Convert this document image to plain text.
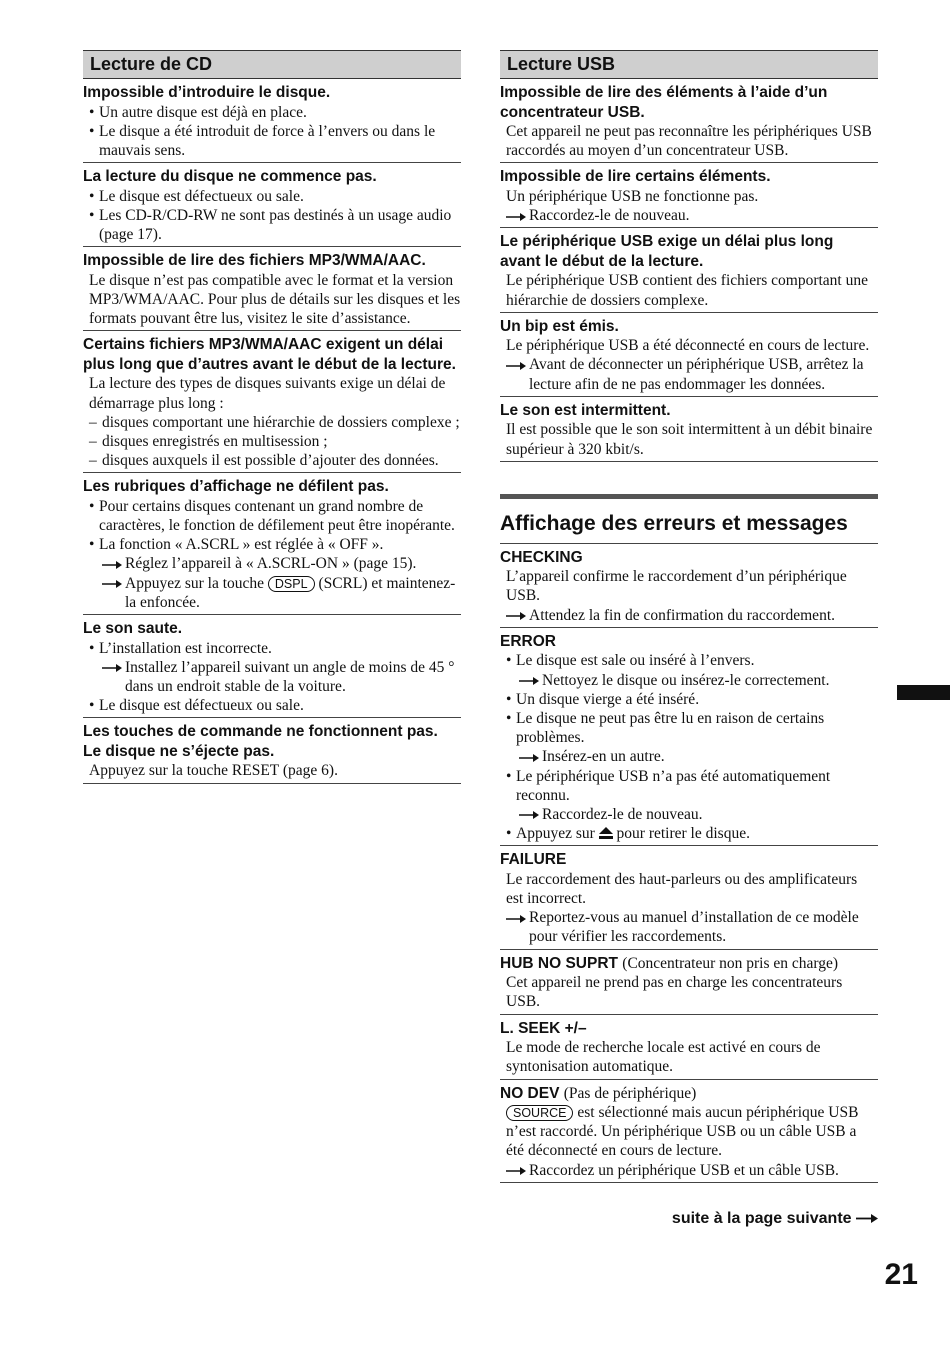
Lecture de CD
Impossible d’introduire le disque.
• Un autre disque est déjà en place.
• Le disque a été introduit de force à l’envers ou dans le mauvais sens.
La lecture du disque ne commence pas.
• Le disque est défectueux ou sale.
• Les CD-R/CD-RW ne sont pas destinés à un usage audio (page 17).
Impossible de lire des fichiers MP3/WMA/AAC.
Le disque n’est pas compatible avec le format et la version MP3/WMA/AAC. Pour plus de détails sur les disques et les formats pouvant être lus, visitez le site d’assistance.
Certains fichiers MP3/WMA/AAC exigent un délai plus long que d’autres avant le début de la lecture.
La lecture des types de disques suivants exige un délai de démarrage plus long :
– disques comportant une hiérarchie de dossiers complexe ;
– disques enregistrés en multisession ;
– disques auxquels il est possible d’ajouter des données.
Les rubriques d’affichage ne défilent pas.
• Pour certains disques contenant un grand nombre de caractères, le fonction de défilement peut être inopérante.
• La fonction « A.SCRL » est réglée à « OFF ».
Réglez l’appareil à « A.SCRL-ON » (page 15).
Appuyez sur la touche DSPL (SCRL) et maintenez-la enfoncée.
Le son saute.
• L’installation est incorrecte.
Installez l’appareil suivant un angle de moins de 45 ° dans un endroit stable de la voiture.
• Le disque est défectueux ou sale.
Les touches de commande ne fonctionnent pas.
Le disque ne s’éjecte pas.
Appuyez sur la touche RESET (page 6).
Lecture USB
Impossible de lire des éléments à l’aide d’un concentrateur USB.
Cet appareil ne peut pas reconnaître les périphériques USB raccordés au moyen d’un concentrateur USB.
Impossible de lire certains éléments.
Un périphérique USB ne fonctionne pas.
Raccordez-le de nouveau.
Le périphérique USB exige un délai plus long avant le début de la lecture.
Le périphérique USB contient des fichiers comportant une hiérarchie de dossiers complexe.
Un bip est émis.
Le périphérique USB a été déconnecté en cours de lecture.
Avant de déconnecter un périphérique USB, arrêtez la lecture afin de ne pas endommager les données.
Le son est intermittent.
Il est possible que le son soit intermittent à un débit binaire supérieur à 320 kbit/s.
Affichage des erreurs et messages
CHECKING
L’appareil confirme le raccordement d’un périphérique USB.
Attendez la fin de confirmation du raccordement.
ERROR
• Le disque est sale ou inséré à l’envers.
Nettoyez le disque ou insérez-le correctement.
• Un disque vierge a été inséré.
• Le disque ne peut pas être lu en raison de certains problèmes.
Insérez-en un autre.
• Le périphérique USB n’a pas été automatiquement reconnu.
Raccordez-le de nouveau.
• Appuyez sur pour retirer le disque.
FAILURE
Le raccordement des haut-parleurs ou des amplificateurs est incorrect.
Reportez-vous au manuel d’installation de ce modèle pour vérifier les raccordements.
HUB NO SUPRT (Concentrateur non pris en charge)
Cet appareil ne prend pas en charge les concentrateurs USB.
L. SEEK +/–
Le mode de recherche locale est activé en cours de syntonisation automatique.
NO DEV (Pas de périphérique)
SOURCE est sélectionné mais aucun périphérique USB n’est raccordé. Un périphérique USB ou un câble USB a été déconnecté en cours de lecture.
Raccordez un périphérique USB et un câble USB.
suite à la page suivante
21
